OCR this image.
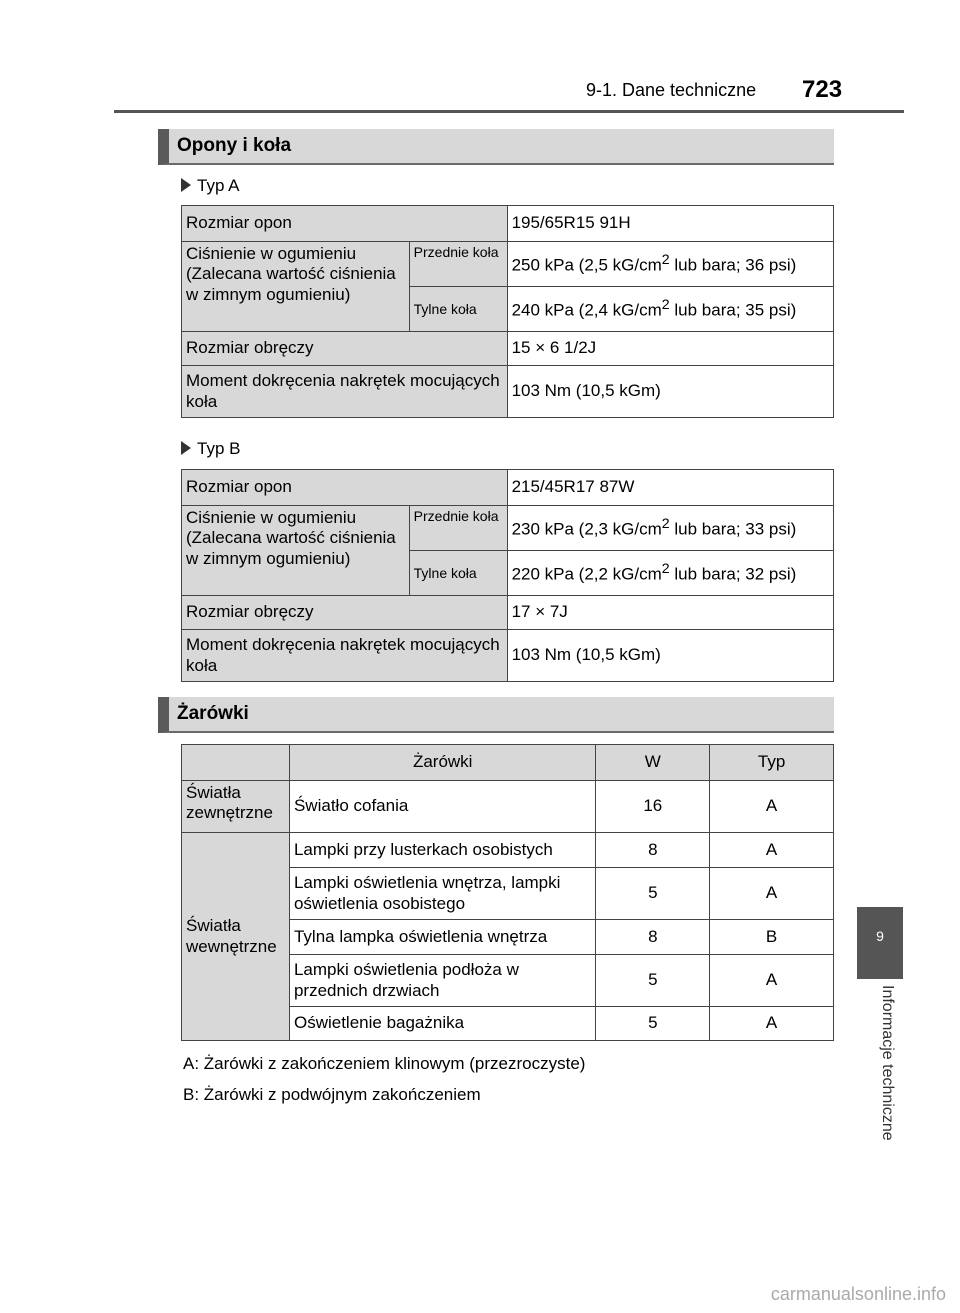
9-1. Dane techniczne 723
Opony i koła
Typ A
Rozmiar opon		195/65R15 91H
Ciśnienie w ogumieniu (Zalecana wartość ciśnienia w zimnym ogumieniu)	Przednie koła	250 kPa (2,5 $kG/cm^2$ lub bara; 36 psi)
	Tylne koła	240 kPa (2,4 $kG/cm^2$ lub bara; 35 psi)
Rozmiar obręczy		15 × 6 1/2J
Moment dokręcenia nakrętek mocujących koła		103 Nm (10,5 kGm)
Typ B
Rozmiar opon		215/45R17 87W
Ciśnienie w ogumieniu (Zalecana wartość ciśnienia w zimnym ogumieniu)	Przednie koła	230 kPa (2,3 $kG/cm^2$ lub bara; 33 psi)
	Tylne koła	220 kPa (2,2 $kG/cm^2$ lub bara; 32 psi)
Rozmiar obręczy		17 × 7J
Moment dokręcenia nakrętek mocujących koła		103 Nm (10,5 kGm)
Żarówki
	Żarówki	W	Typ
Światła zewnętrzne	Światło cofania	16	A
Światła wewnętrzne	Lampki przy lusterkach osobistych	8	A
	Lampki oświetlenia wnętrza, lampki oświetlenia osobistego	5	A
	Tylna lampka oświetlenia wnętrza	8	B
	Lampki oświetlenia podłoża w przednich drzwiach	5	A
	Oświetlenie bagażnika	5	A
A: Żarówki z zakończeniem klinowym (przezroczyste)
B: Żarówki z podwójnym zakończeniem
9
Informacje techniczne
carmanualsonline.info
